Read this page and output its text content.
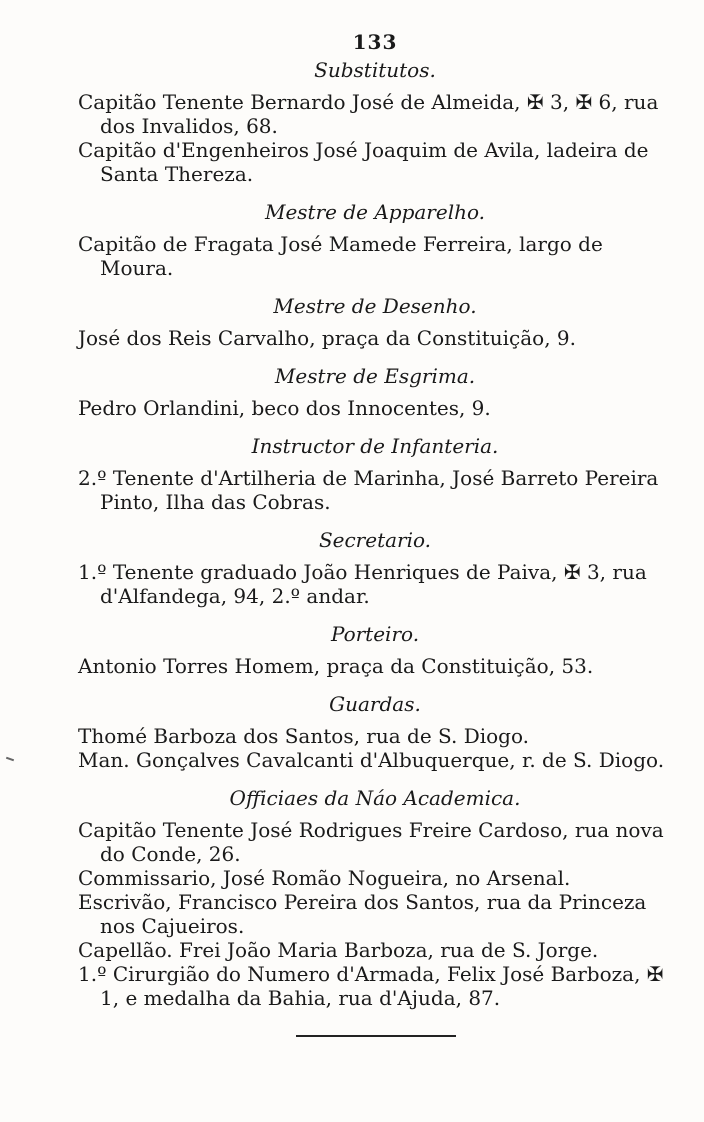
133
Substitutos.

Capitão Tenente Bernardo José de Almeida, ✠ 3, ✠ 6, rua dos Invalidos, 68.

Capitão d'Engenheiros José Joaquim de Avila, ladeira de Santa Thereza.

Mestre de Apparelho.

Capitão de Fragata José Mamede Ferreira, largo de Moura.

Mestre de Desenho.

José dos Reis Carvalho, praça da Constituição, 9.

Mestre de Esgrima.

Pedro Orlandini, beco dos Innocentes, 9.

Instructor de Infanteria.

2.º Tenente d'Artilheria de Marinha, José Barreto Pereira Pinto, Ilha das Cobras.

Secretario.

1.º Tenente graduado João Henriques de Paiva, ✠ 3, rua d'Alfandega, 94, 2.º andar.

Porteiro.

Antonio Torres Homem, praça da Constituição, 53.

Guardas.

Thomé Barboza dos Santos, rua de S. Diogo.

Man. Gonçalves Cavalcanti d'Albuquerque, r. de S. Diogo.

Officiaes da Náo Academica.

Capitão Tenente José Rodrigues Freire Cardoso, rua nova do Conde, 26.

Commissario, José Romão Nogueira, no Arsenal.

Escrivão, Francisco Pereira dos Santos, rua da Princeza nos Cajueiros.

Capellão. Frei João Maria Barboza, rua de S. Jorge.

1.º Cirurgião do Numero d'Armada, Felix José Barboza, ✠ 1, e medalha da Bahia, rua d'Ajuda, 87.
